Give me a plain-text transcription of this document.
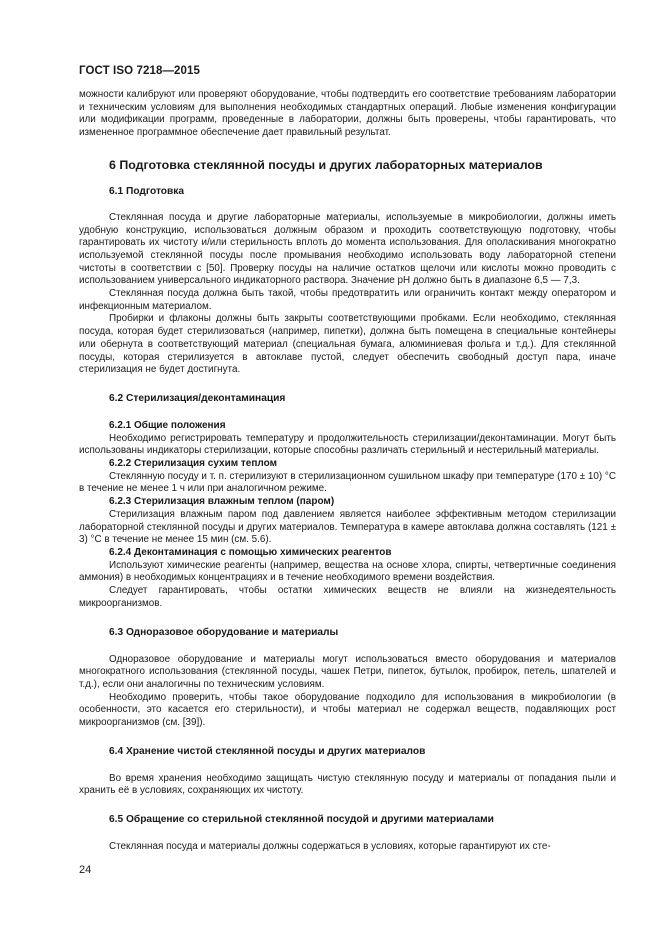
ГОСТ ISO 7218—2015

можности калибруют или проверяют оборудование, чтобы подтвердить его соответствие требованиям лаборатории и техническим условиям для выполнения необходимых стандартных операций. Любые изменения конфигурации или модификации программ, проведенные в лаборатории, должны быть проверены, чтобы гарантировать, что измененное программное обеспечение дает правильный результат.

6 Подготовка стеклянной посуды и других лабораторных материалов
6.1 Подготовка

Стеклянная посуда и другие лабораторные материалы, используемые в микробиологии, должны иметь удобную конструкцию, использоваться должным образом и проходить соответствующую подготовку, чтобы гарантировать их чистоту и/или стерильность вплоть до момента использования. Для ополаскивания многократно используемой стеклянной посуды после промывания необходимо использовать воду лабораторной степени чистоты в соответствии с [50]. Проверку посуды на наличие остатков щелочи или кислоты можно проводить с использованием универсального индикаторного раствора. Значение рН должно быть в диапазоне 6,5 — 7,3.

Стеклянная посуда должна быть такой, чтобы предотвратить или ограничить контакт между оператором и инфекционным материалом.

Пробирки и флаконы должны быть закрыты соответствующими пробками. Если необходимо, стеклянная посуда, которая будет стерилизоваться (например, пипетки), должна быть помещена в специальные контейнеры или обернута в соответствующий материал (специальная бумага, алюминиевая фольга и т.д.). Для стеклянной посуды, которая стерилизуется в автоклаве пустой, следует обеспечить свободный доступ пара, иначе стерилизация не будет достигнута.

6.2 Стерилизация/деконтаминация
6.2.1 Общие положения

Необходимо регистрировать температуру и продолжительность стерилизации/деконтаминации. Могут быть использованы индикаторы стерилизации, которые способны различать стерильный и нестерильный материалы.

6.2.2 Стерилизация сухим теплом

Стеклянную посуду и т. п. стерилизуют в стерилизационном сушильном шкафу при температуре (170 ± 10) °С в течение не менее 1 ч или при аналогичном режиме.

6.2.3 Стерилизация влажным теплом (паром)

Стерилизация влажным паром под давлением является наиболее эффективным методом стерилизации лабораторной стеклянной посуды и других материалов. Температура в камере автоклава должна составлять (121 ± 3) °С в течение не менее 15 мин (см. 5.6).

6.2.4 Деконтаминация с помощью химических реагентов

Используют химические реагенты (например, вещества на основе хлора, спирты, четвертичные соединения аммония) в необходимых концентрациях и в течение необходимого времени воздействия.

Следует гарантировать, чтобы остатки химических веществ не влияли на жизнедеятельность микроорганизмов.

6.3 Одноразовое оборудование и материалы

Одноразовое оборудование и материалы могут использоваться вместо оборудования и материалов многократного использования (стеклянной посуды, чашек Петри, пипеток, бутылок, пробирок, петель, шпателей и т.д.), если они аналогичны по техническим условиям.

Необходимо проверить, чтобы такое оборудование подходило для использования в микробиологии (в особенности, это касается его стерильности), и чтобы материал не содержал веществ, подавляющих рост микроорганизмов (см. [39]).

6.4 Хранение чистой стеклянной посуды и других материалов

Во время хранения необходимо защищать чистую стеклянную посуду и материалы от попадания пыли и хранить её в условиях, сохраняющих их чистоту.

6.5 Обращение со стерильной стеклянной посудой и другими материалами

Стеклянная посуда и материалы должны содержаться в условиях, которые гарантируют их сте-

24
